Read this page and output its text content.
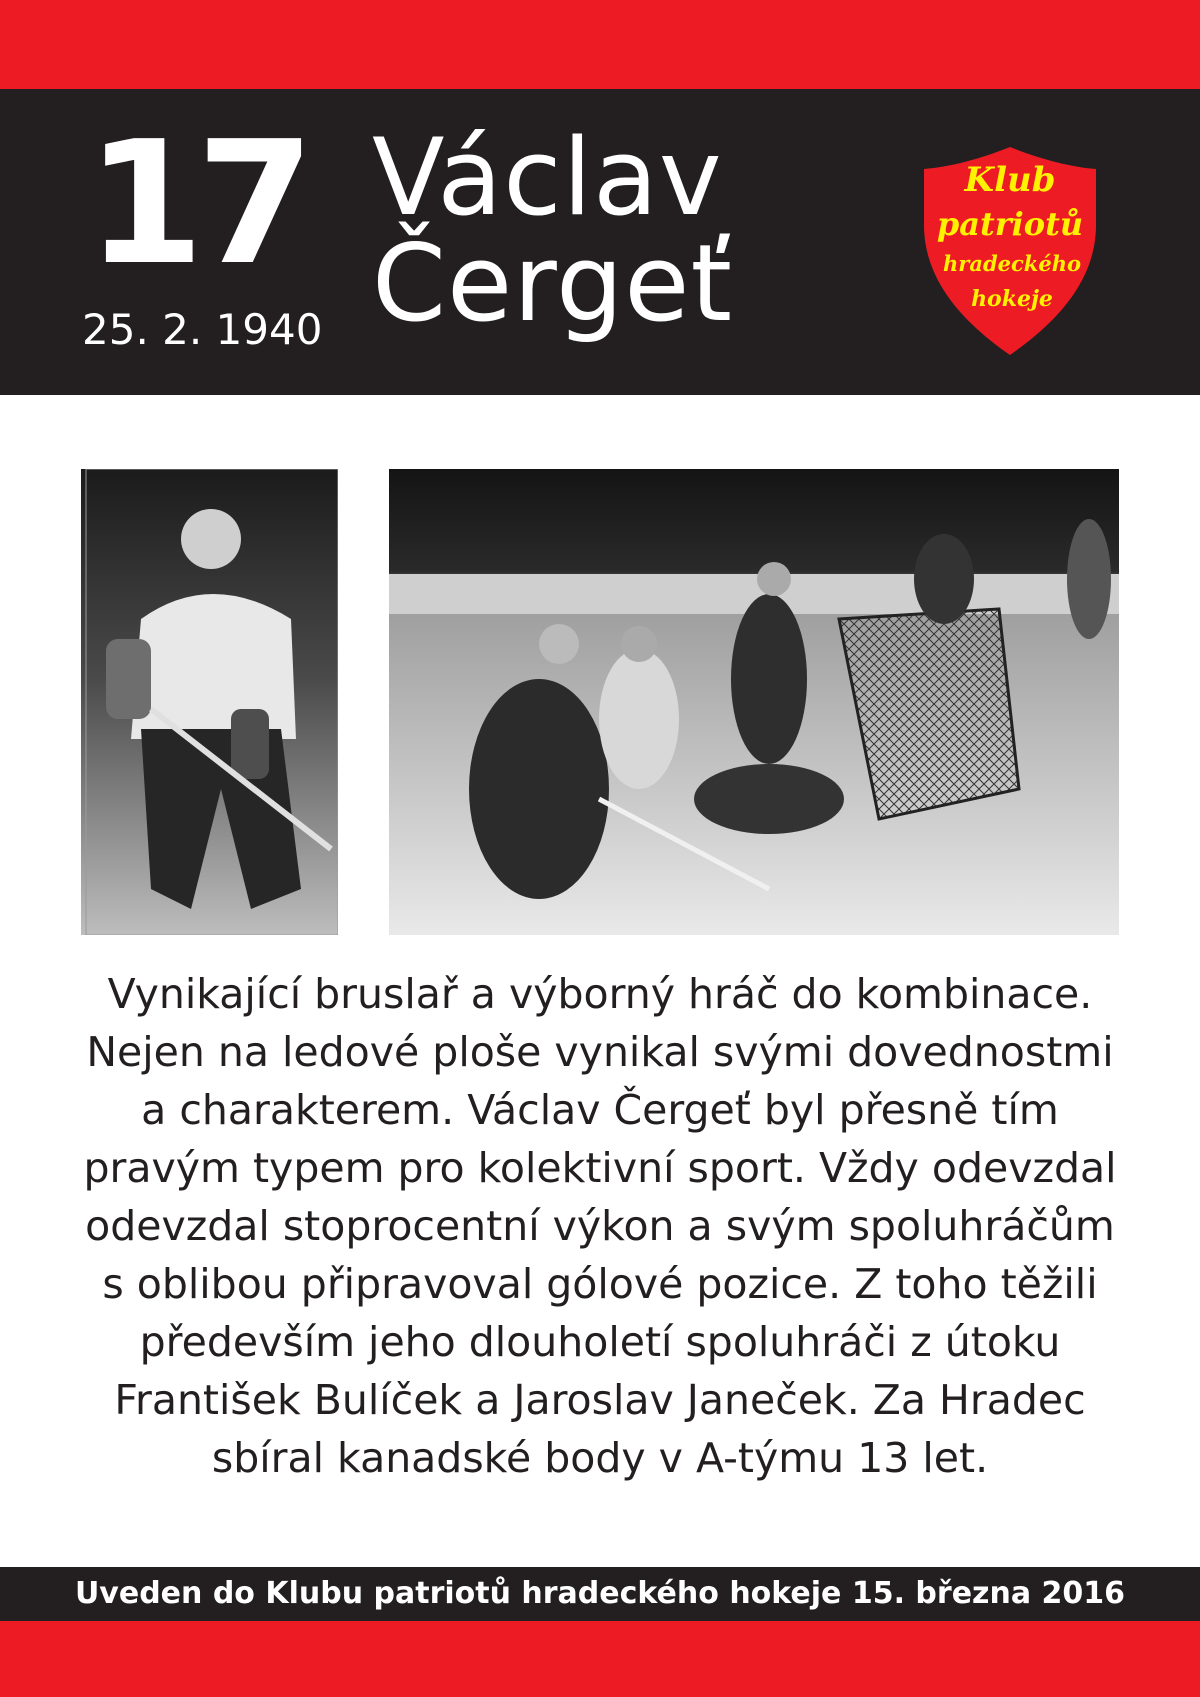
17
25. 2. 1940
Václav
Čergeť
Klub
patriotů
hradeckého
hokeje

Vynikající bruslař a výborný hráč do kombinace. Nejen na ledové ploše vynikal svými dovednostmi a charakterem. Václav Čergeť byl přesně tím pravým typem pro kolektivní sport. Vždy odevzdal odevzdal stoprocentní výkon a svým spoluhráčům s oblibou připravoval gólové pozice. Z toho těžili především jeho dlouholetí spoluhráči z útoku František Bulíček a Jaroslav Janeček. Za Hradec sbíral kanadské body v A-týmu 13 let.

Uveden do Klubu patriotů hradeckého hokeje 15. března 2016
